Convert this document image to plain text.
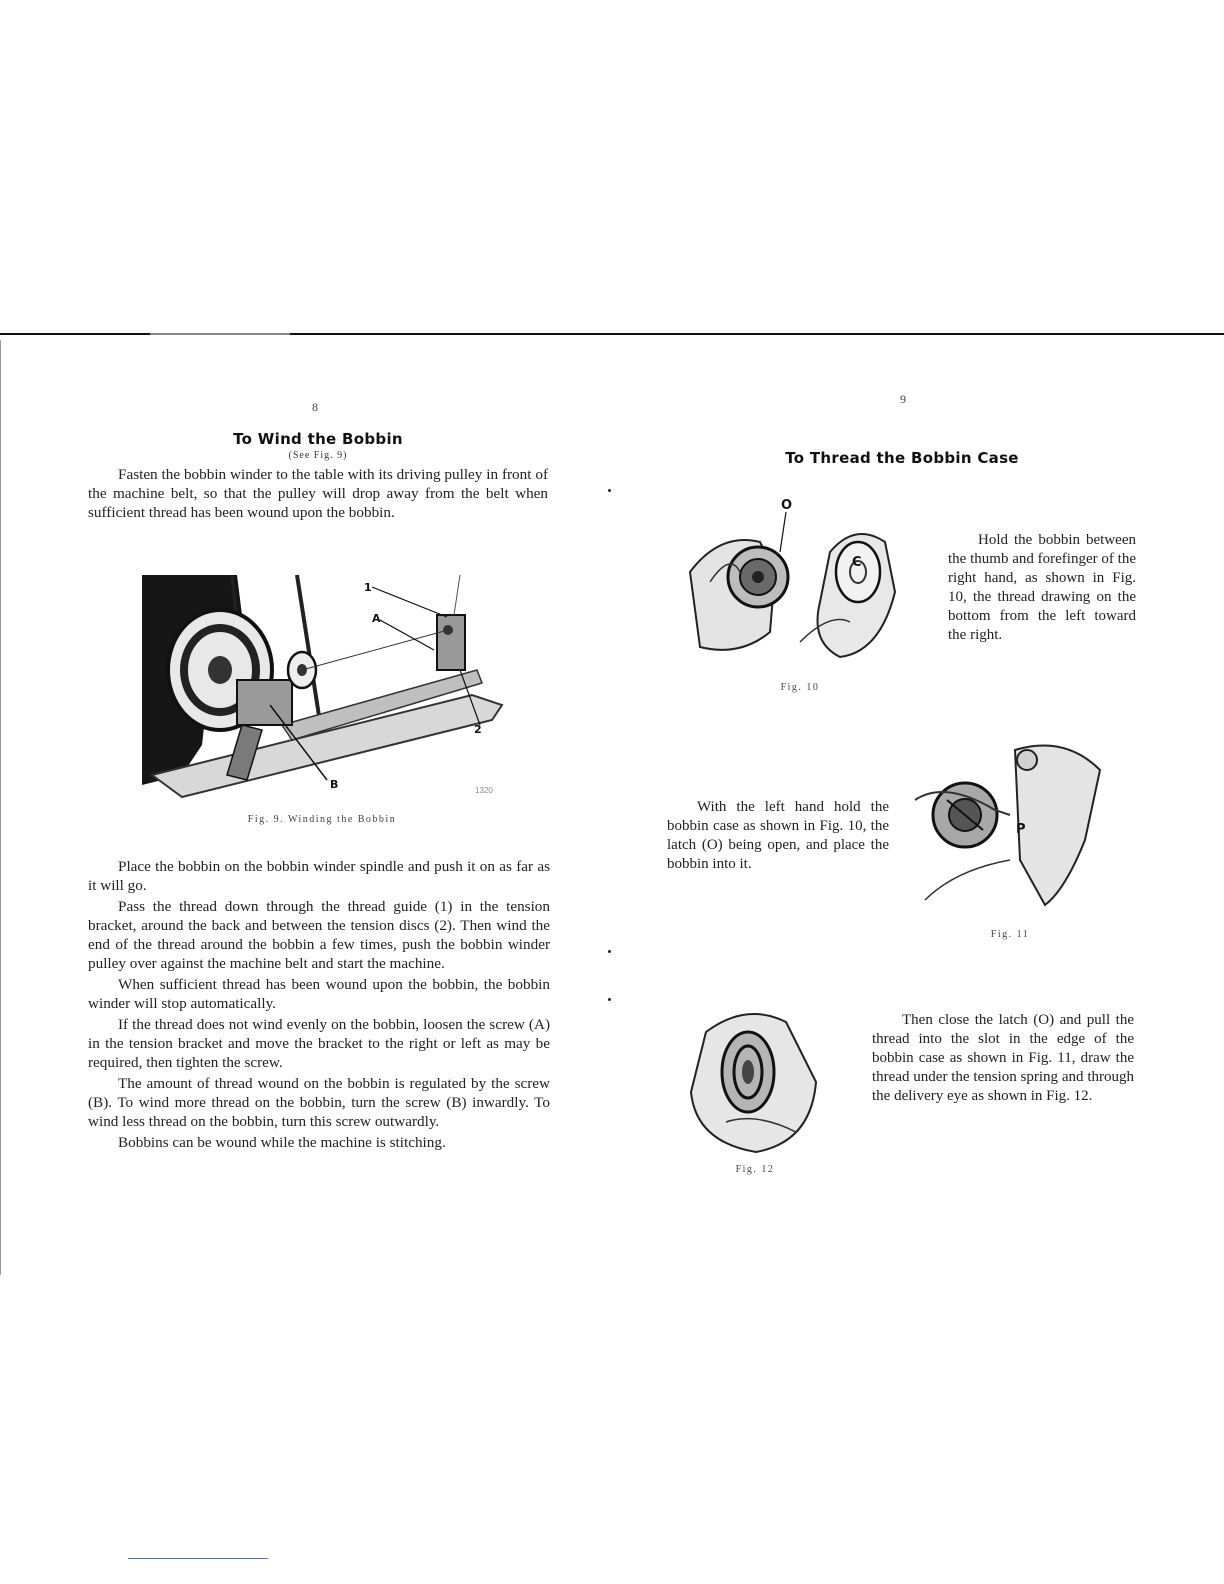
8
To Wind the Bobbin
(See Fig. 9)

Fasten the bobbin winder to the table with its driving pulley in front of the machine belt, so that the pulley will drop away from the belt when sufficient thread has been wound upon the bobbin.

1
A
2
B	1320
Fig. 9. Winding the Bobbin

Place the bobbin on the bobbin winder spindle and push it on as far as it will go.

Pass the thread down through the thread guide (1) in the tension bracket, around the back and between the tension discs (2). Then wind the end of the thread around the bobbin a few times, push the bobbin winder pulley over against the machine belt and start the machine.

When sufficient thread has been wound upon the bobbin, the bobbin winder will stop automatically.

If the thread does not wind evenly on the bobbin, loosen the screw (A) in the tension bracket and move the bracket to the right or left as may be required, then tighten the screw.

The amount of thread wound on the bobbin is regulated by the screw (B). To wind more thread on the bobbin, turn the screw (B) inwardly. To wind less thread on the bobbin, turn this screw outwardly.

Bobbins can be wound while the machine is stitching.

9
To Thread the Bobbin Case
O
C

Hold the bobbin between the thumb and forefinger of the right hand, as shown in Fig. 10, the thread drawing on the bottom from the left toward the right.

Fig. 10

With the left hand hold the bobbin case as shown in Fig. 10, the latch (O) being open, and place the bobbin into it.

P
Fig. 11

Then close the latch (O) and pull the thread into the slot in the edge of the bobbin case as shown in Fig. 11, draw the thread under the tension spring and through the delivery eye as shown in Fig. 12.

Fig. 12
